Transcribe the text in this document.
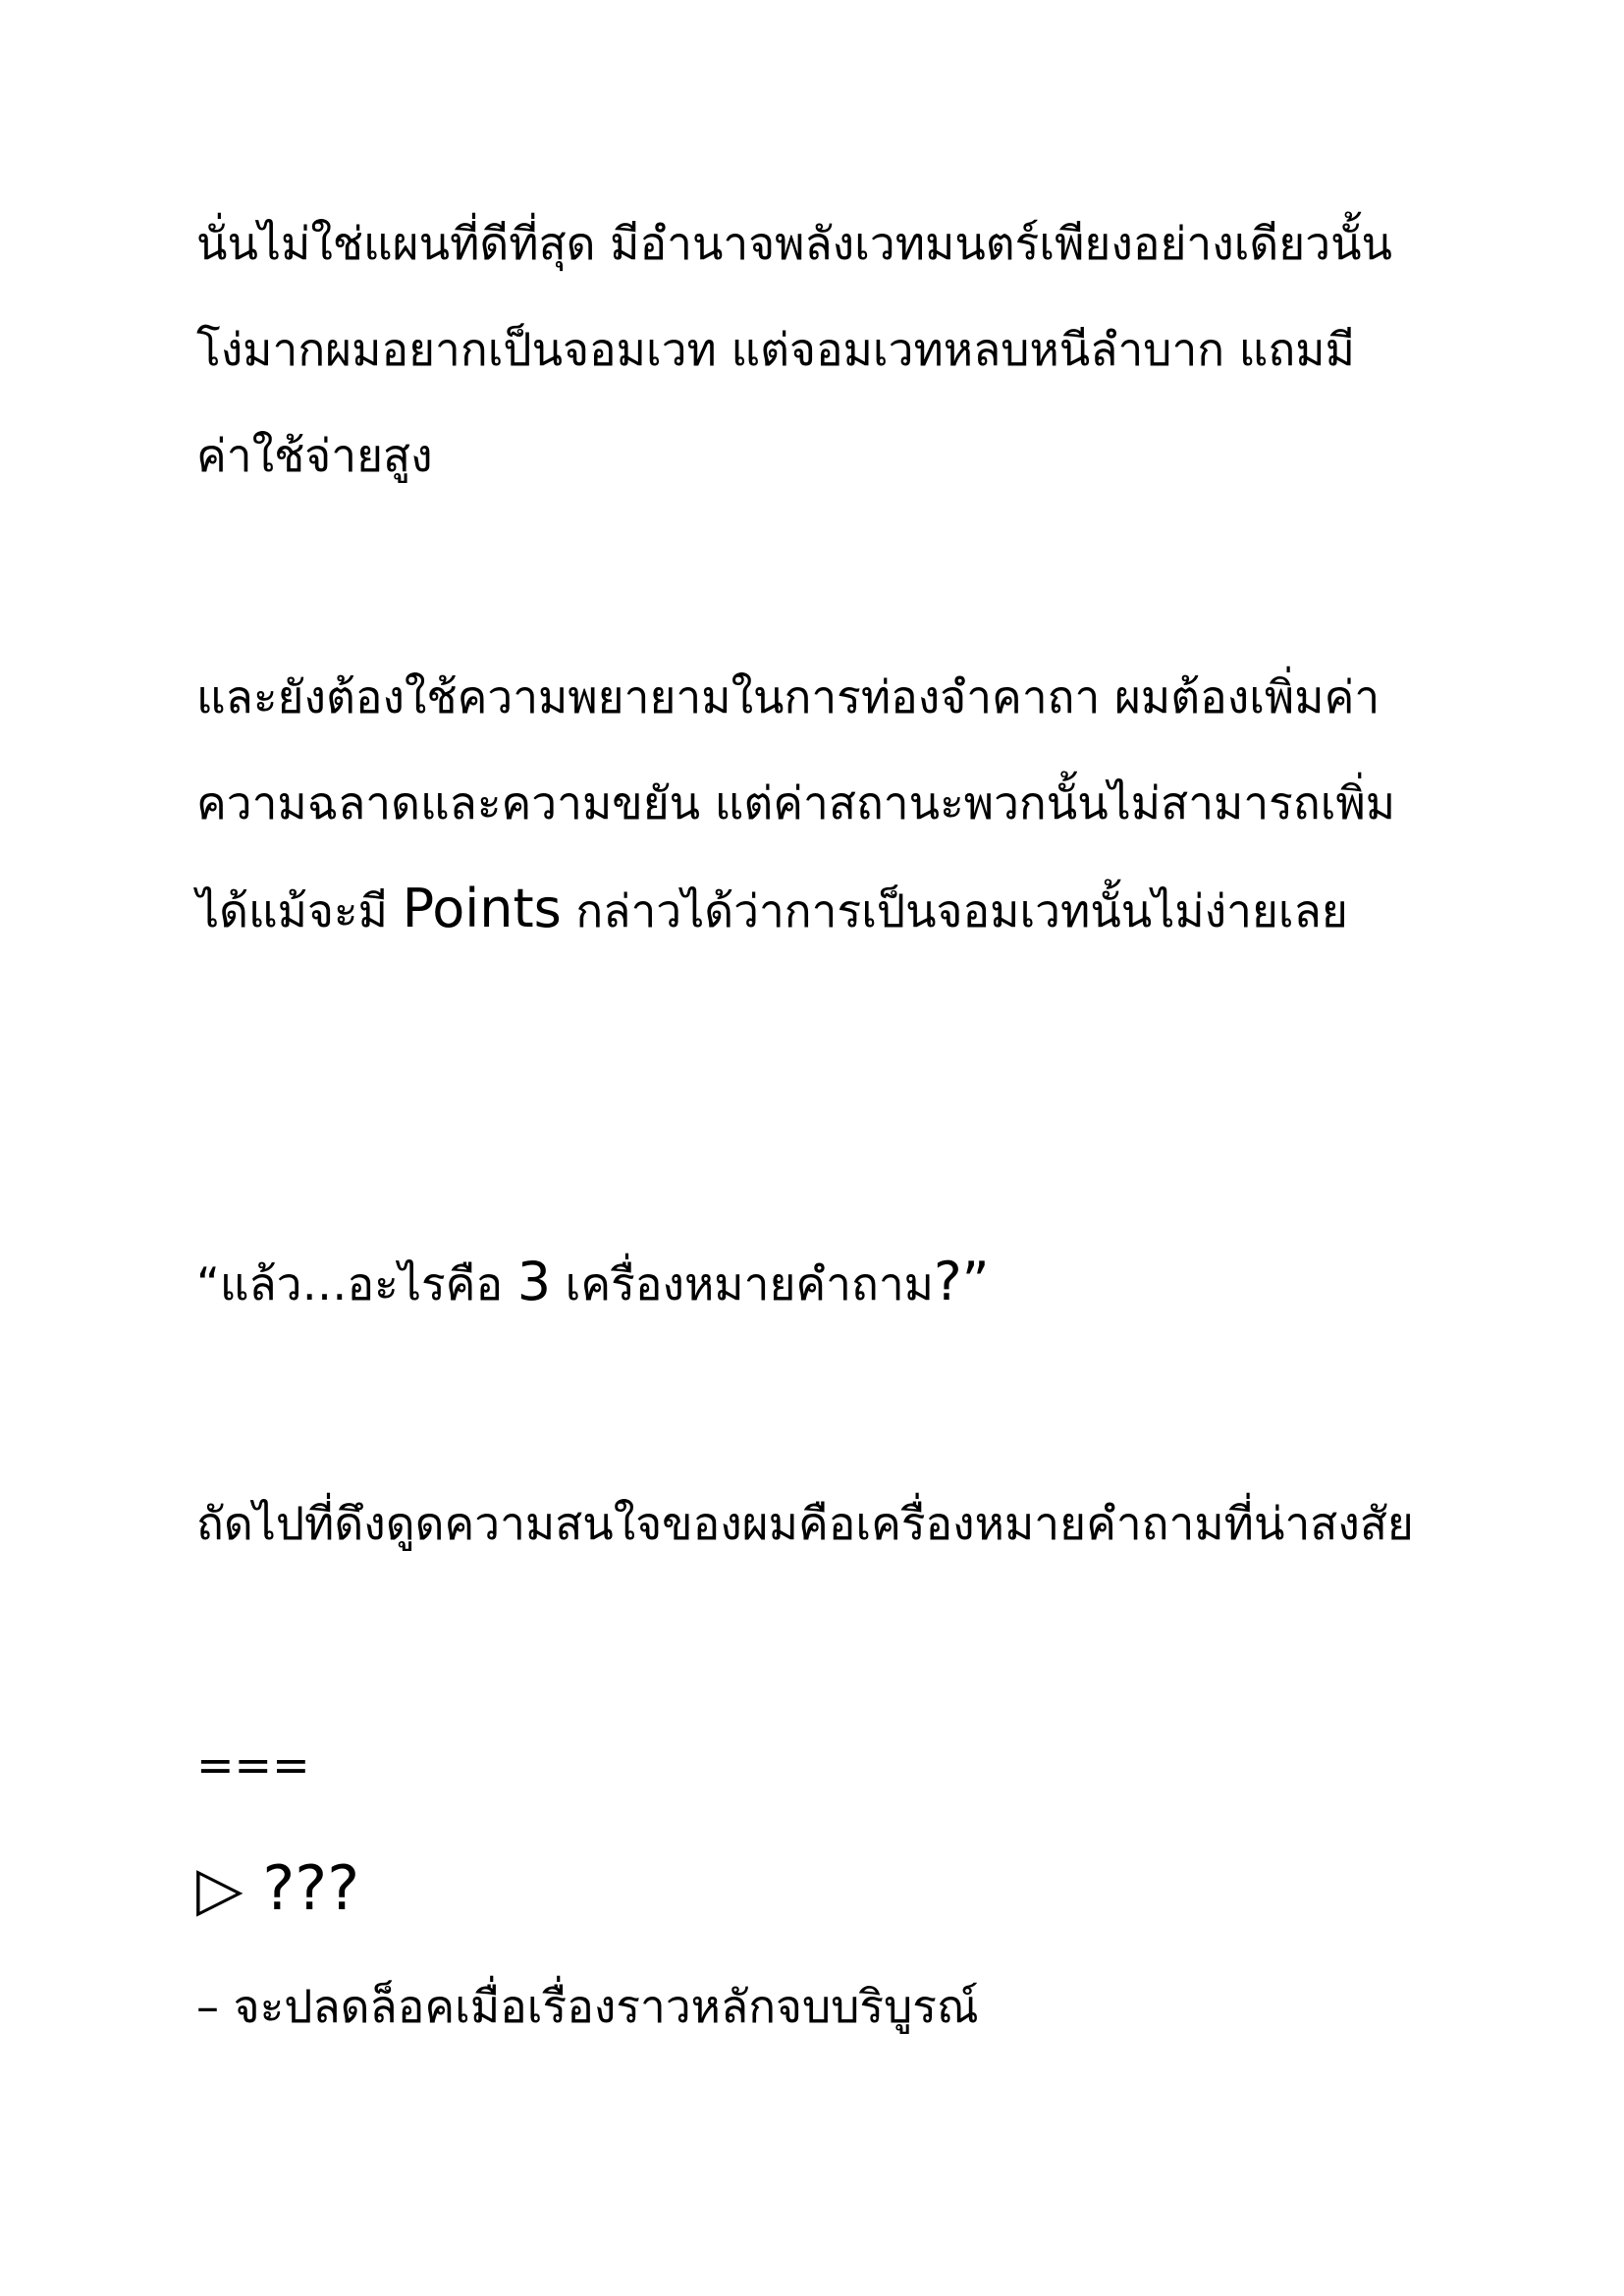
นั่นไม่ใช่แผนที่ดีที่สุด มีอำนาจพลังเวทมนตร์เพียงอย่างเดียวนั้น

โง่มากผมอยากเป็นจอมเวท แต่จอมเวทหลบหนีลำบาก แถมมี

ค่าใช้จ่ายสูง

และยังต้องใช้ความพยายามในการท่องจำคาถา ผมต้องเพิ่มค่า

ความฉลาดและความขยัน แต่ค่าสถานะพวกนั้นไม่สามารถเพิ่ม

ได้แม้จะมี Points กล่าวได้ว่าการเป็นจอมเวทนั้นไม่ง่ายเลย

“แล้ว…อะไรคือ 3 เครื่องหมายคำถาม?”

ถัดไปที่ดึงดูดความสนใจของผมคือเครื่องหมายคำถามที่น่าสงสัย

===

▷ ???

– จะปลดล็อคเมื่อเรื่องราวหลักจบบริบูรณ์
